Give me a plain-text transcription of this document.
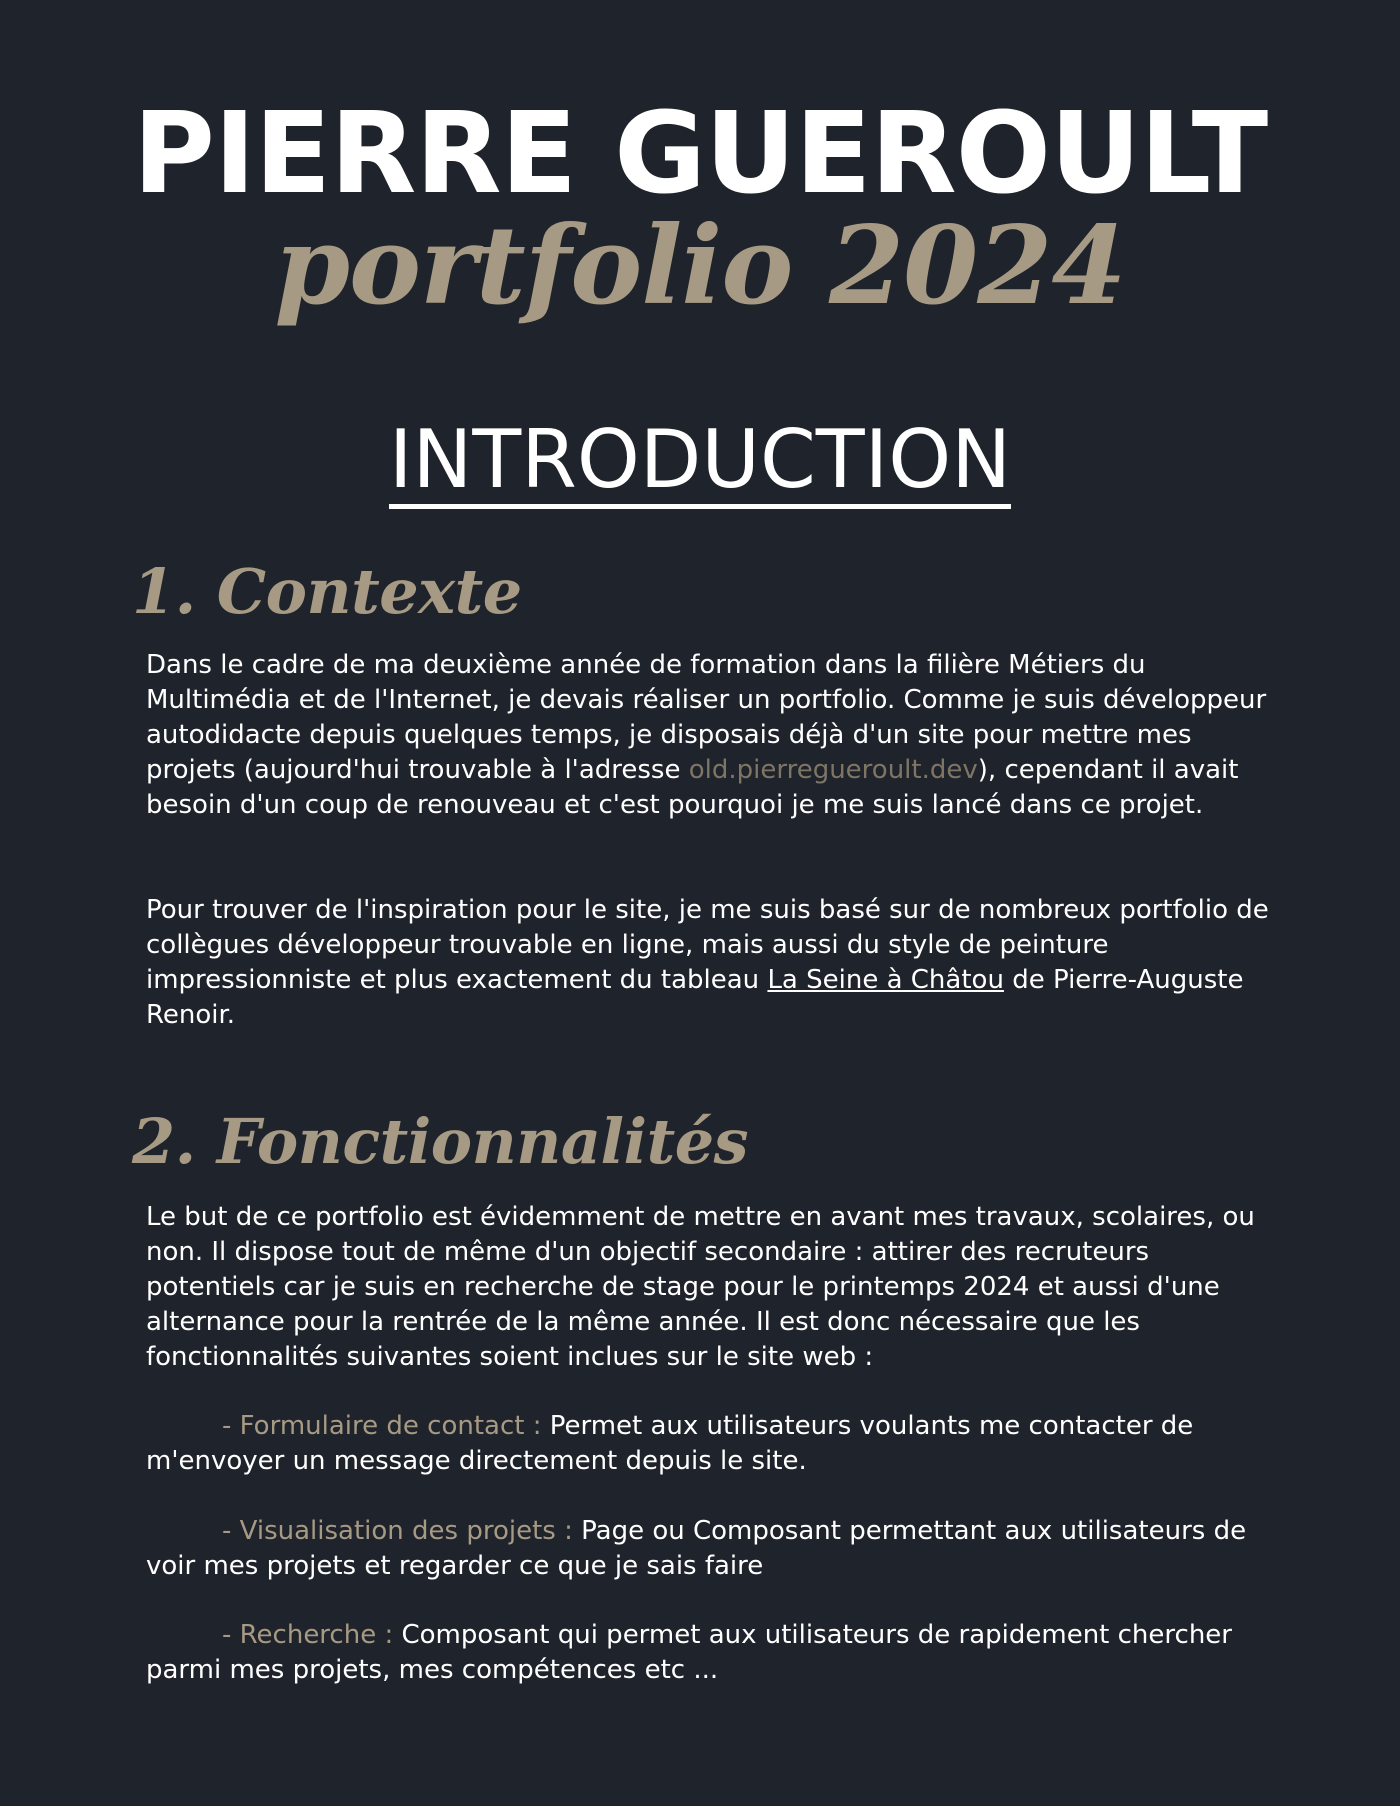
PIERRE GUEROULT
portfolio 2024
INTRODUCTION
1. Contexte
Dans le cadre de ma deuxième année de formation dans la filière Métiers du Multimédia et de l'Internet, je devais réaliser un portfolio. Comme je suis développeur autodidacte depuis quelques temps, je disposais déjà d'un site pour mettre mes projets (aujourd'hui trouvable à l'adresse old.pierregueroult.dev), cependant il avait besoin d'un coup de renouveau et c'est pourquoi je me suis lancé dans ce projet.
Pour trouver de l'inspiration pour le site, je me suis basé sur de nombreux portfolio de collègues développeur trouvable en ligne, mais aussi du style de peinture impressionniste et plus exactement du tableau La Seine à Châtou de Pierre-Auguste Renoir.
2. Fonctionnalités
Le but de ce portfolio est évidemment de mettre en avant mes travaux, scolaires, ou non. Il dispose tout de même d'un objectif secondaire : attirer des recruteurs potentiels car je suis en recherche de stage pour le printemps 2024 et aussi d'une alternance pour la rentrée de la même année. Il est donc nécessaire que les fonctionnalités suivantes soient inclues sur le site web :
- Formulaire de contact : Permet aux utilisateurs voulants me contacter de m'envoyer un message directement depuis le site.
- Visualisation des projets : Page ou Composant permettant aux utilisateurs de voir mes projets et regarder ce que je sais faire
- Recherche : Composant qui permet aux utilisateurs de rapidement chercher parmi mes projets, mes compétences etc ...
